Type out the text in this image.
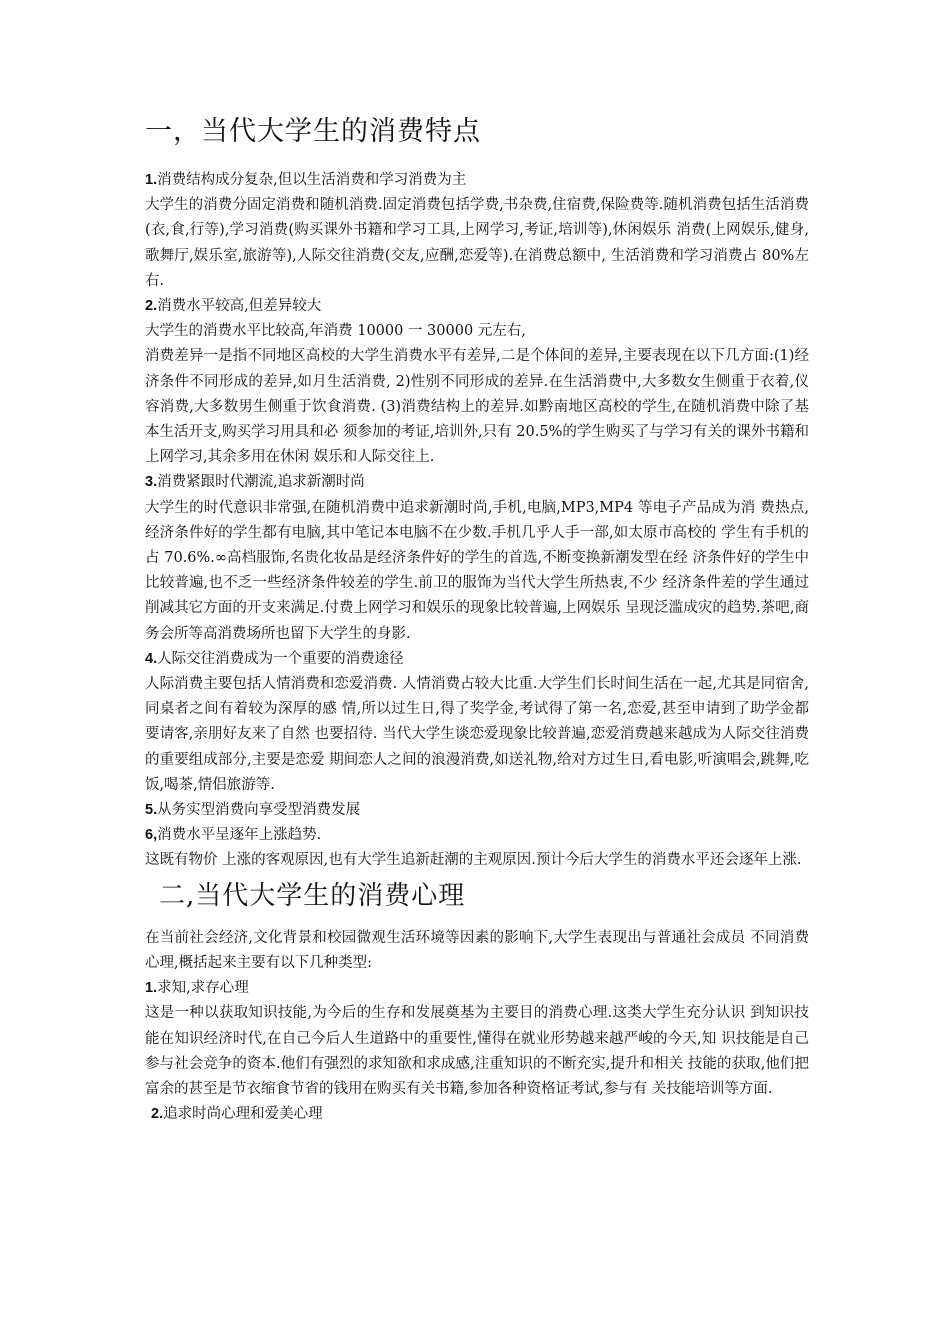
一，当代大学生的消费特点

1.消费结构成分复杂,但以生活消费和学习消费为主

大学生的消费分固定消费和随机消费.固定消费包括学费,书杂费,住宿费,保险费等.随机消费包括生活消费(衣,食,行等),学习消费(购买课外书籍和学习工具,上网学习,考证,培训等),休闲娱乐 消费(上网娱乐,健身,歌舞厅,娱乐室,旅游等),人际交往消费(交友,应酬,恋爱等).在消费总额中, 生活消费和学习消费占 80%左右.

2.消费水平较高,但差异较大

大学生的消费水平比较高,年消费 10000 一 30000 元左右,

消费差异一是指不同地区高校的大学生消费水平有差异,二是个体间的差异,主要表现在以下几方面:(1)经济条件不同形成的差异,如月生活消费, 2)性别不同形成的差异.在生活消费中,大多数女生侧重于衣着,仪容消费,大多数男生侧重于饮食消费. (3)消费结构上的差异.如黔南地区高校的学生,在随机消费中除了基本生活开支,购买学习用具和必 须参加的考证,培训外,只有 20.5%的学生购买了与学习有关的课外书籍和上网学习,其余多用在休闲 娱乐和人际交往上.

3.消费紧跟时代潮流,追求新潮时尚

大学生的时代意识非常强,在随机消费中追求新潮时尚,手机,电脑,MP3,MP4 等电子产品成为消 费热点,经济条件好的学生都有电脑,其中笔记本电脑不在少数.手机几乎人手一部,如太原市高校的 学生有手机的占 70.6%.∞高档服饰,名贵化妆品是经济条件好的学生的首选,不断变换新潮发型在经 济条件好的学生中比较普遍,也不乏一些经济条件较差的学生.前卫的服饰为当代大学生所热衷,不少 经济条件差的学生通过削减其它方面的开支来满足.付费上网学习和娱乐的现象比较普遍,上网娱乐 呈现泛滥成灾的趋势.茶吧,商务会所等高消费场所也留下大学生的身影.

4.人际交往消费成为一个重要的消费途径

人际消费主要包括人情消费和恋爱消费. 人情消费占较大比重.大学生们长时间生活在一起,尤其是同宿舍,同桌者之间有着较为深厚的感 情,所以过生日,得了奖学金,考试得了第一名,恋爱,甚至申请到了助学金都要请客,亲朋好友来了自然 也要招待. 当代大学生谈恋爱现象比较普遍,恋爱消费越来越成为人际交往消费的重要组成部分,主要是恋爱 期间恋人之间的浪漫消费,如送礼物,给对方过生日,看电影,听演唱会,跳舞,吃饭,喝茶,情侣旅游等.

5.从务实型消费向享受型消费发展

6,消费水平呈逐年上涨趋势.

这既有物价 上涨的客观原因,也有大学生追新赶潮的主观原因.预计今后大学生的消费水平还会逐年上涨.

二,当代大学生的消费心理

在当前社会经济,文化背景和校园微观生活环境等因素的影响下,大学生表现出与普通社会成员 不同消费心理,概括起来主要有以下几种类型:

1.求知,求存心理

这是一种以获取知识技能,为今后的生存和发展奠基为主要目的消费心理.这类大学生充分认识 到知识技能在知识经济时代,在自己今后人生道路中的重要性,懂得在就业形势越来越严峻的今天,知 识技能是自己参与社会竞争的资本.他们有强烈的求知欲和求成感,注重知识的不断充实,提升和相关 技能的获取,他们把富余的甚至是节衣缩食节省的钱用在购买有关书籍,参加各种资格证考试,参与有 关技能培训等方面.

2.追求时尚心理和爱美心理
